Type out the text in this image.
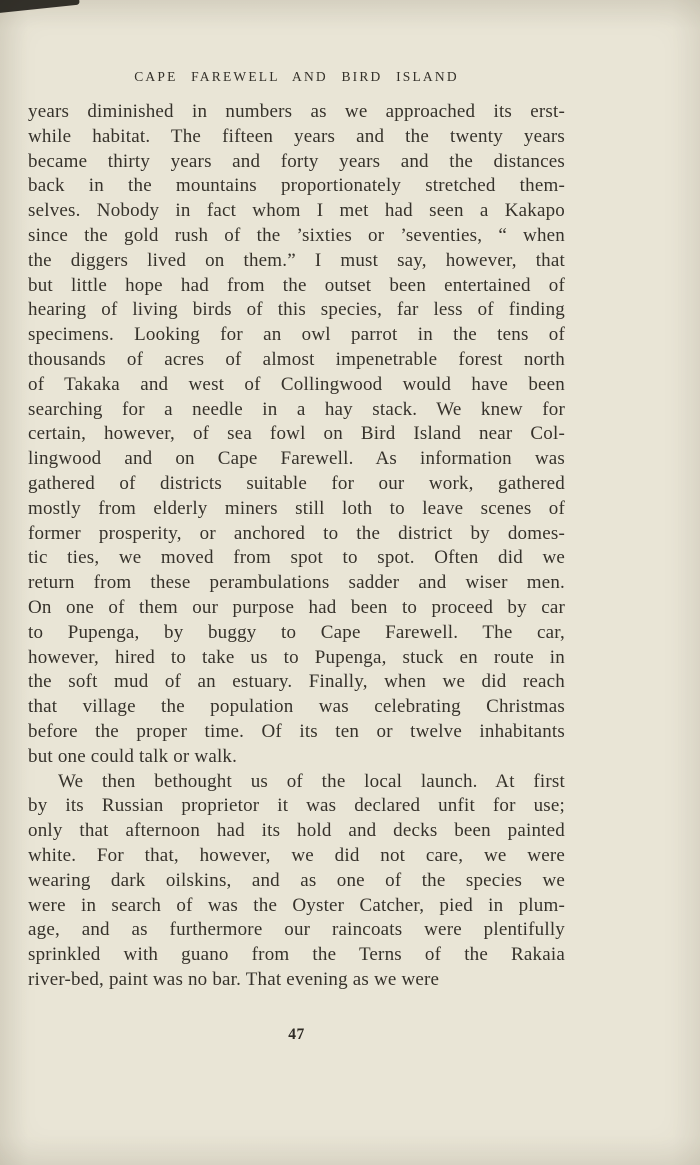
CAPE FAREWELL AND BIRD ISLAND
years diminished in numbers as we approached its erst-
while habitat. The fifteen years and the twenty years
became thirty years and forty years and the distances
back in the mountains proportionately stretched them-
selves. Nobody in fact whom I met had seen a Kakapo
since the gold rush of the ’sixties or ’seventies, “ when
the diggers lived on them.” I must say, however, that
but little hope had from the outset been entertained of
hearing of living birds of this species, far less of finding
specimens. Looking for an owl parrot in the tens of
thousands of acres of almost impenetrable forest north
of Takaka and west of Collingwood would have been
searching for a needle in a hay stack. We knew for
certain, however, of sea fowl on Bird Island near Col-
lingwood and on Cape Farewell. As information was
gathered of districts suitable for our work, gathered
mostly from elderly miners still loth to leave scenes of
former prosperity, or anchored to the district by domes-
tic ties, we moved from spot to spot. Often did we
return from these perambulations sadder and wiser men.
On one of them our purpose had been to proceed by car
to Pupenga, by buggy to Cape Farewell. The car,
however, hired to take us to Pupenga, stuck en route in
the soft mud of an estuary. Finally, when we did reach
that village the population was celebrating Christmas
before the proper time. Of its ten or twelve inhabitants
but one could talk or walk.
We then bethought us of the local launch. At first
by its Russian proprietor it was declared unfit for use;
only that afternoon had its hold and decks been painted
white. For that, however, we did not care, we were
wearing dark oilskins, and as one of the species we
were in search of was the Oyster Catcher, pied in plum-
age, and as furthermore our raincoats were plentifully
sprinkled with guano from the Terns of the Rakaia
river-bed, paint was no bar. That evening as we were
47
